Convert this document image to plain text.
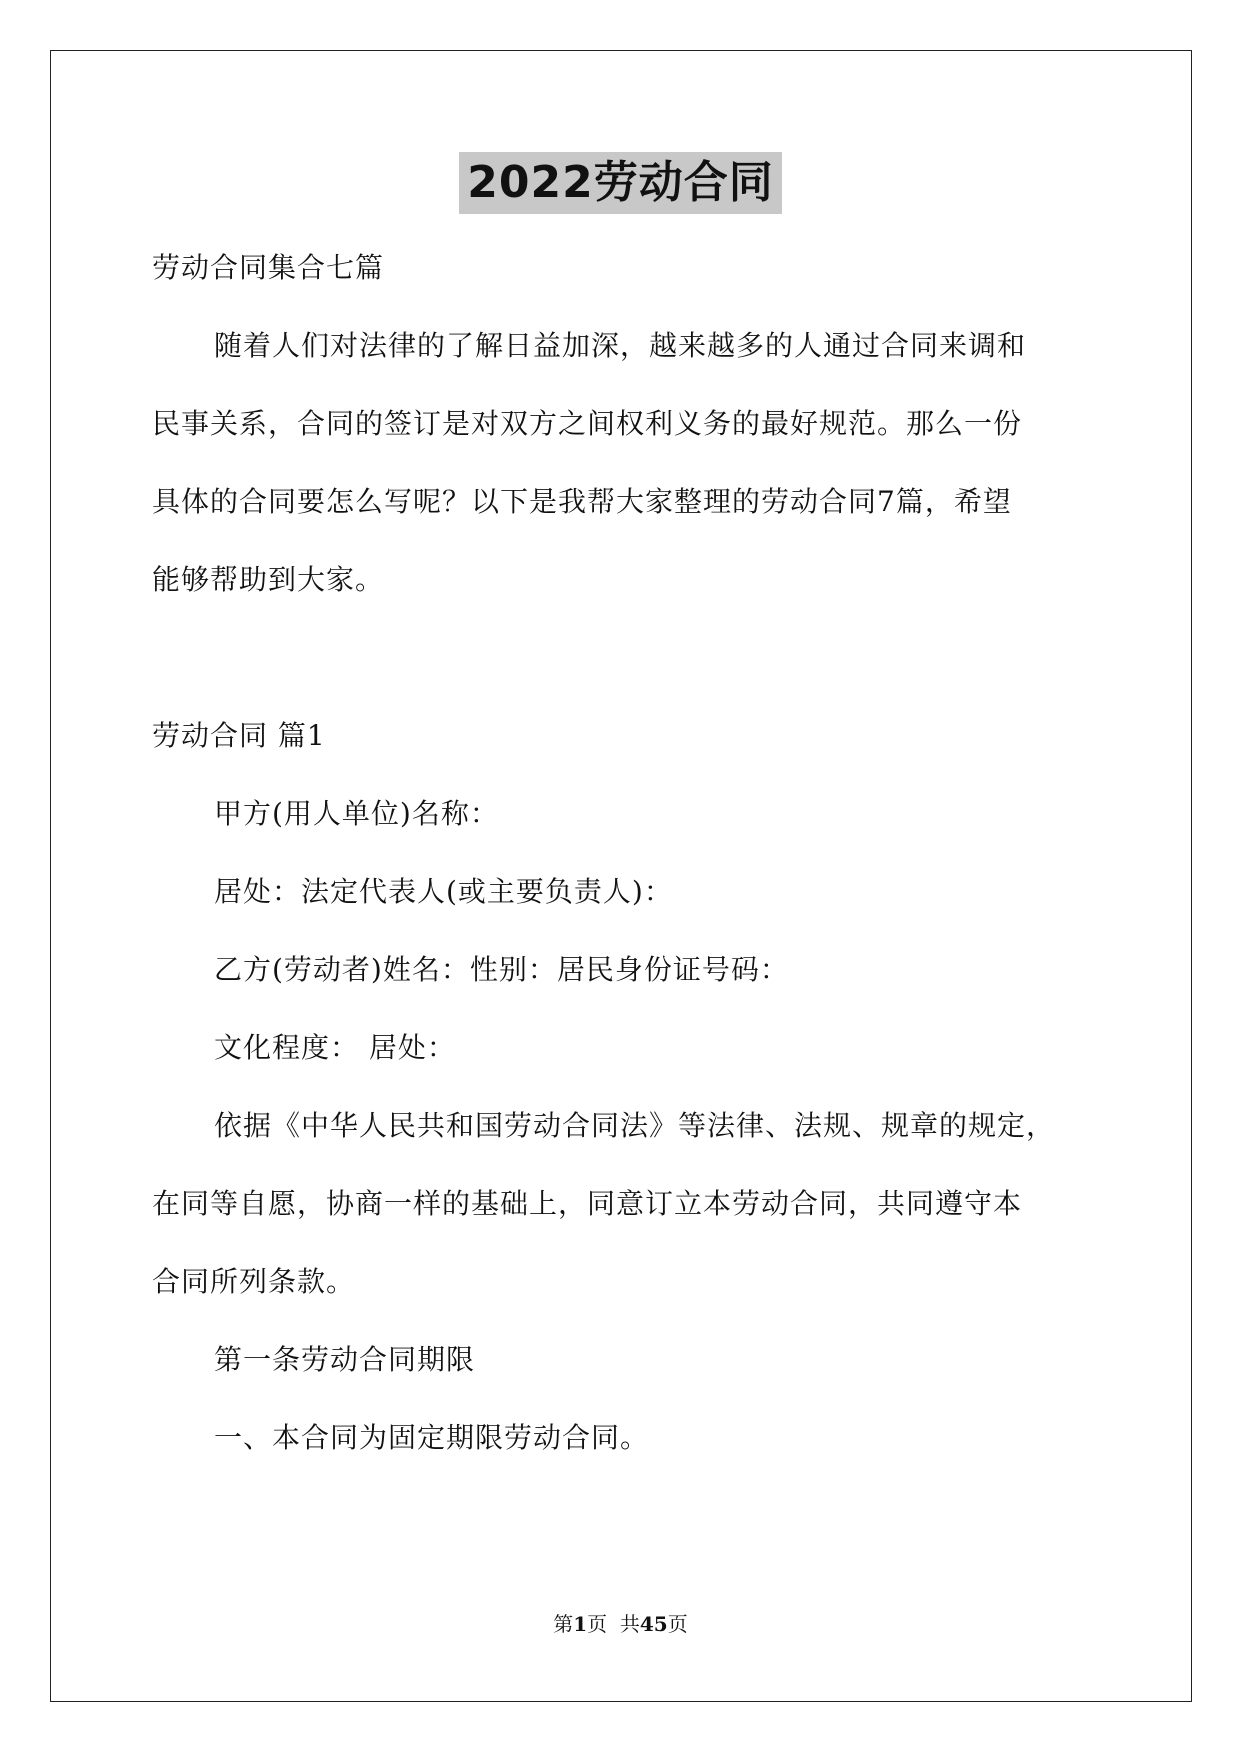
2022劳动合同
劳动合同集合七篇
随着人们对法律的了解日益加深，越来越多的人通过合同来调和
民事关系，合同的签订是对双方之间权利义务的最好规范。那么一份
具体的合同要怎么写呢？以下是我帮大家整理的劳动合同7篇，希望
能够帮助到大家。
劳动合同 篇1
甲方(用人单位)名称：
居处：法定代表人(或主要负责人)：
乙方(劳动者)姓名：性别：居民身份证号码：
文化程度： 居处：
依据《中华人民共和国劳动合同法》等法律、法规、规章的规定，
在同等自愿，协商一样的基础上，同意订立本劳动合同，共同遵守本
合同所列条款。
第一条劳动合同期限
一、本合同为固定期限劳动合同。
第1页  共45页
